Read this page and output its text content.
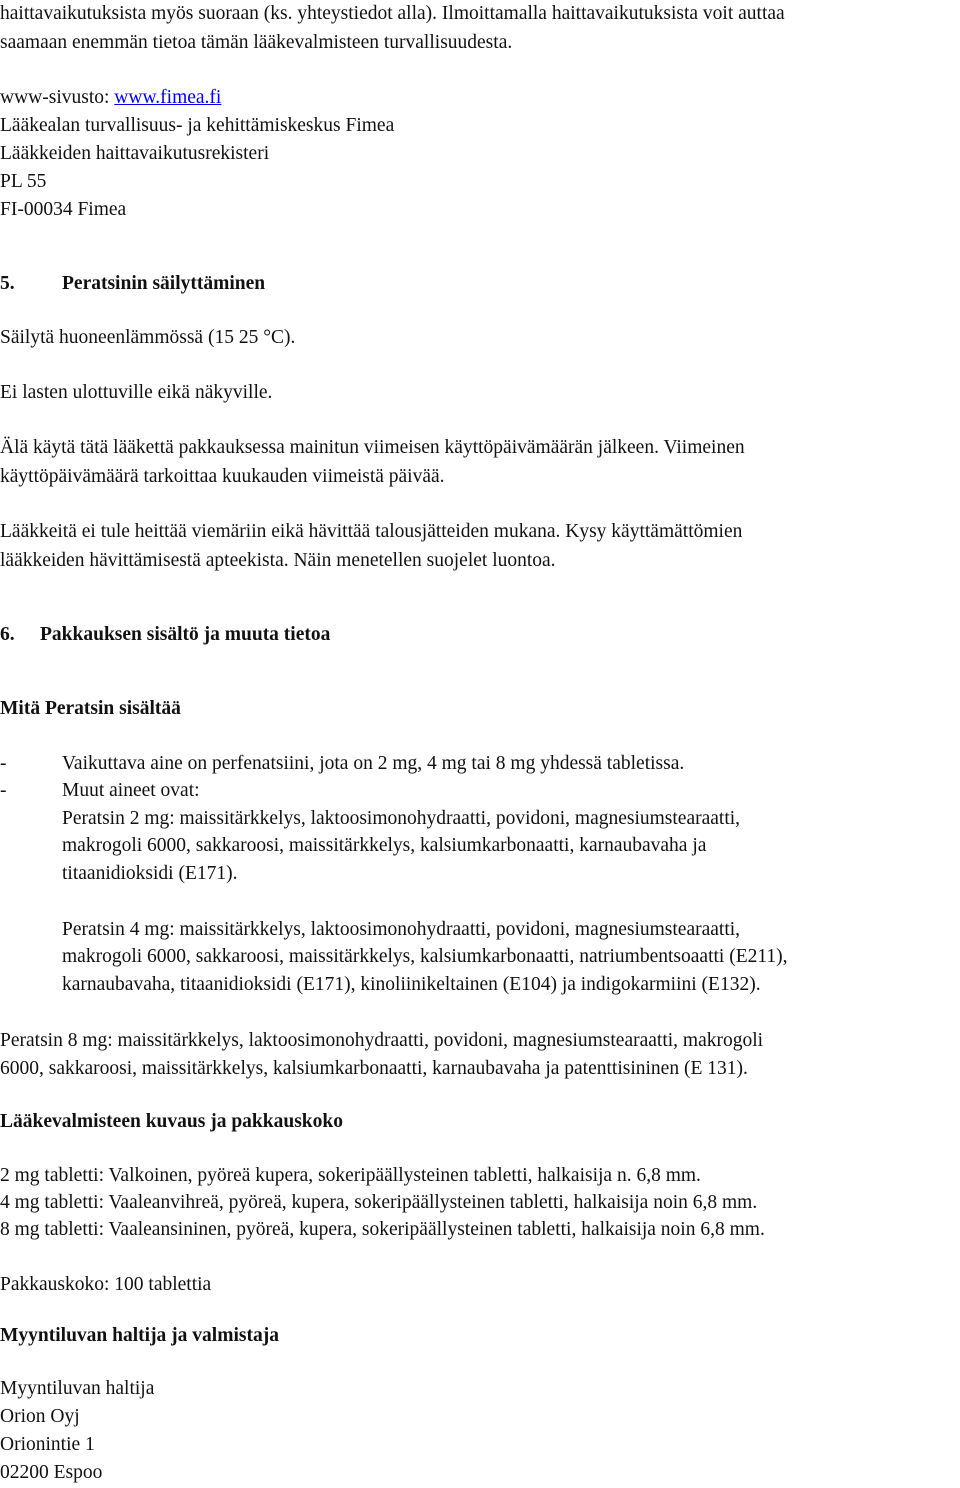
haittavaikutuksista myös suoraan (ks. yhteystiedot alla). Ilmoittamalla haittavaikutuksista voit auttaa
saamaan enemmän tietoa tämän lääkevalmisteen turvallisuudesta.
www-sivusto: www.fimea.fi
Lääkealan turvallisuus- ja kehittämiskeskus Fimea
Lääkkeiden haittavaikutusrekisteri
PL 55
FI-00034 Fimea
5. Peratsinin säilyttäminen
Säilytä huoneenlämmössä (15 25 °C).
Ei lasten ulottuville eikä näkyville.
Älä käytä tätä lääkettä pakkauksessa mainitun viimeisen käyttöpäivämäärän jälkeen. Viimeinen
käyttöpäivämäärä tarkoittaa kuukauden viimeistä päivää.
Lääkkeitä ei tule heittää viemäriin eikä hävittää talousjätteiden mukana. Kysy käyttämättömien
lääkkeiden hävittämisestä apteekista. Näin menetellen suojelet luontoa.
6. Pakkauksen sisältö ja muuta tietoa
Mitä Peratsin sisältää
-	Vaikuttava aine on perfenatsiini, jota on 2 mg, 4 mg tai 8 mg yhdessä tabletissa.
-	Muut aineet ovat:
Peratsin 2 mg: maissitärkkelys, laktoosimonohydraatti, povidoni, magnesiumstearaatti,
makrogoli 6000, sakkaroosi, maissitärkkelys, kalsiumkarbonaatti, karnaubavaha ja
titaanidioksidi (E171).
Peratsin 4 mg: maissitärkkelys, laktoosimonohydraatti, povidoni, magnesiumstearaatti,
makrogoli 6000, sakkaroosi, maissitärkkelys, kalsiumkarbonaatti, natriumbentsoaatti (E211),
karnaubavaha, titaanidioksidi (E171), kinoliinikeltainen (E104) ja indigokarmiini (E132).
Peratsin 8 mg: maissitärkkelys, laktoosimonohydraatti, povidoni, magnesiumstearaatti, makrogoli
6000, sakkaroosi, maissitärkkelys, kalsiumkarbonaatti, karnaubavaha ja patenttisininen (E 131).
Lääkevalmisteen kuvaus ja pakkauskoko
2 mg tabletti: Valkoinen, pyöreä kupera, sokeripäällysteinen tabletti, halkaisija n. 6,8 mm.
4 mg tabletti: Vaaleanvihreä, pyöreä, kupera, sokeripäällysteinen tabletti, halkaisija noin 6,8 mm.
8 mg tabletti: Vaaleansininen, pyöreä, kupera, sokeripäällysteinen tabletti, halkaisija noin 6,8 mm.
Pakkauskoko: 100 tablettia
Myyntiluvan haltija ja valmistaja
Myyntiluvan haltija
Orion Oyj
Orionintie 1
02200 Espoo
